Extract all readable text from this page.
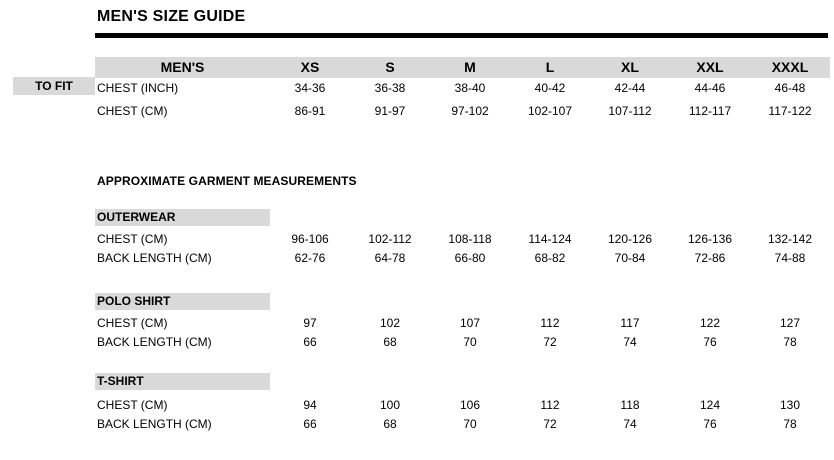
MEN'S SIZE GUIDE
TO FIT
MEN'S	XS	S	M	L	XL	XXL	XXXL
CHEST (INCH)	34-36	36-38	38-40	40-42	42-44	44-46	46-48
CHEST (CM)	86-91	91-97	97-102	102-107	107-112	112-117	117-122
APPROXIMATE GARMENT MEASUREMENTS
OUTERWEAR
CHEST (CM)	96-106	102-112	108-118	114-124	120-126	126-136	132-142
BACK LENGTH (CM)	62-76	64-78	66-80	68-82	70-84	72-86	74-88
POLO SHIRT
CHEST (CM)	97	102	107	112	117	122	127
BACK LENGTH (CM)	66	68	70	72	74	76	78
T-SHIRT
CHEST (CM)	94	100	106	112	118	124	130
BACK LENGTH (CM)	66	68	70	72	74	76	78
